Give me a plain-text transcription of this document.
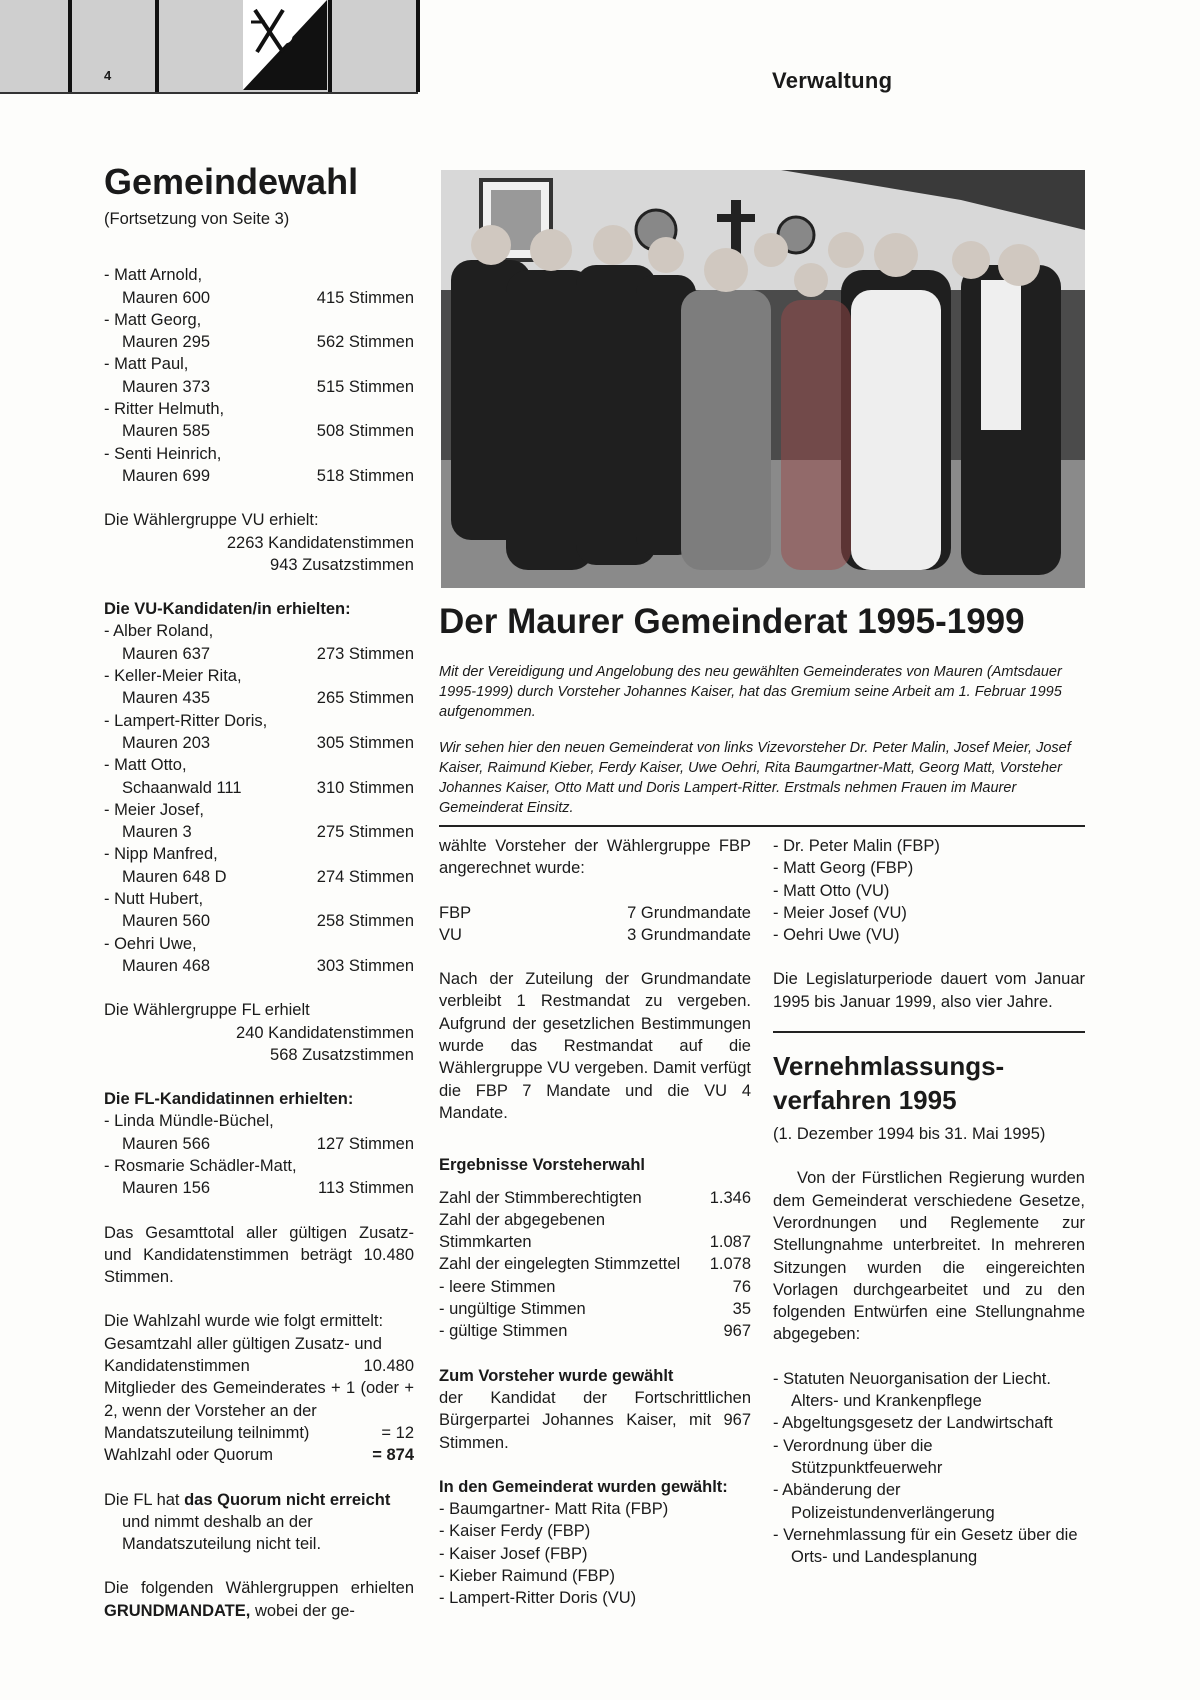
4	Verwaltung
Gemeindewahl
(Fortsetzung von Seite 3)
- Matt Arnold,
Mauren 600	415 Stimmen
- Matt Georg,
Mauren 295	562 Stimmen
- Matt Paul,
Mauren 373	515 Stimmen
- Ritter Helmuth,
Mauren 585	508 Stimmen
- Senti Heinrich,
Mauren 699	518 Stimmen
Die Wählergruppe VU erhielt:
2263 Kandidatenstimmen
943 Zusatzstimmen
Die VU-Kandidaten/in erhielten:
- Alber Roland,
Mauren 637	273 Stimmen
- Keller-Meier Rita,
Mauren 435	265 Stimmen
- Lampert-Ritter Doris,
Mauren 203	305 Stimmen
- Matt Otto,
Schaanwald 111	310 Stimmen
- Meier Josef,
Mauren 3	275 Stimmen
- Nipp Manfred,
Mauren 648 D	274 Stimmen
- Nutt Hubert,
Mauren 560	258 Stimmen
- Oehri Uwe,
Mauren 468	303 Stimmen
Die Wählergruppe FL erhielt
240 Kandidatenstimmen
568 Zusatzstimmen
Die FL-Kandidatinnen erhielten:
- Linda Mündle-Büchel,
Mauren 566	127 Stimmen
- Rosmarie Schädler-Matt,
Mauren 156	113 Stimmen
Das Gesamttotal aller gültigen Zusatz- und Kandidatenstimmen beträgt 10.480 Stimmen.
Die Wahlzahl wurde wie folgt ermittelt:
Gesamtzahl aller gültigen Zusatz- und
Kandidatenstimmen	10.480
Mitglieder des Gemeinderates + 1 (oder + 2, wenn der Vorsteher an der
Mandatszuteilung teilnimmt)	= 12
Wahlzahl oder Quorum	= 874
Die FL hat das Quorum nicht erreicht und nimmt deshalb an der Mandatszuteilung nicht teil.
Die folgenden Wählergruppen erhielten GRUNDMANDATE, wobei der ge-
Der Maurer Gemeinderat 1995-1999
Mit der Vereidigung und Angelobung des neu gewählten Gemeinderates von Mauren (Amtsdauer 1995-1999) durch Vorsteher Johannes Kaiser, hat das Gremium seine Arbeit am 1. Februar 1995 aufgenommen.
Wir sehen hier den neuen Gemeinderat von links Vizevorsteher Dr. Peter Malin, Josef Meier, Josef Kaiser, Raimund Kieber, Ferdy Kaiser, Uwe Oehri, Rita Baumgartner-Matt, Georg Matt, Vorsteher Johannes Kaiser, Otto Matt und Doris Lampert-Ritter. Erstmals nehmen Frauen im Maurer Gemeinderat Einsitz.
wählte Vorsteher der Wählergruppe FBP angerechnet wurde:
FBP	7 Grundmandate
VU	3 Grundmandate
Nach der Zuteilung der Grundmandate verbleibt 1 Restmandat zu vergeben. Aufgrund der gesetzlichen Bestimmungen wurde das Restmandat auf die Wählergruppe VU vergeben. Damit verfügt die FBP 7 Mandate und die VU 4 Mandate.
Ergebnisse Vorsteherwahl
Zahl der Stimmberechtigten	1.346
Zahl der abgegebenen
Stimmkarten	1.087
Zahl der eingelegten Stimmzettel 1.078
- leere Stimmen	76
- ungültige Stimmen	35
- gültige Stimmen	967
Zum Vorsteher wurde gewählt
der Kandidat der Fortschrittlichen Bürgerpartei Johannes Kaiser, mit 967 Stimmen.
In den Gemeinderat wurden gewählt:
- Baumgartner- Matt Rita (FBP)
- Kaiser Ferdy (FBP)
- Kaiser Josef (FBP)
- Kieber Raimund (FBP)
- Lampert-Ritter Doris (VU)
- Dr. Peter Malin (FBP)
- Matt Georg (FBP)
- Matt Otto (VU)
- Meier Josef (VU)
- Oehri Uwe (VU)
Die Legislaturperiode dauert vom Januar 1995 bis Januar 1999, also vier Jahre.
Vernehmlassungs-
verfahren 1995
(1. Dezember 1994 bis 31. Mai 1995)
Von der Fürstlichen Regierung wurden dem Gemeinderat verschiedene Gesetze, Verordnungen und Reglemente zur Stellungnahme unterbreitet. In mehreren Sitzungen wurden die eingereichten Vorlagen durchgearbeitet und zu den folgenden Entwürfen eine Stellungnahme abgegeben:
- Statuten Neuorganisation der Liecht. Alters- und Krankenpflege
- Abgeltungsgesetz der Landwirtschaft
- Verordnung über die Stützpunktfeuerwehr
- Abänderung der Polizeistundenverlängerung
- Vernehmlassung für ein Gesetz über die Orts- und Landesplanung
